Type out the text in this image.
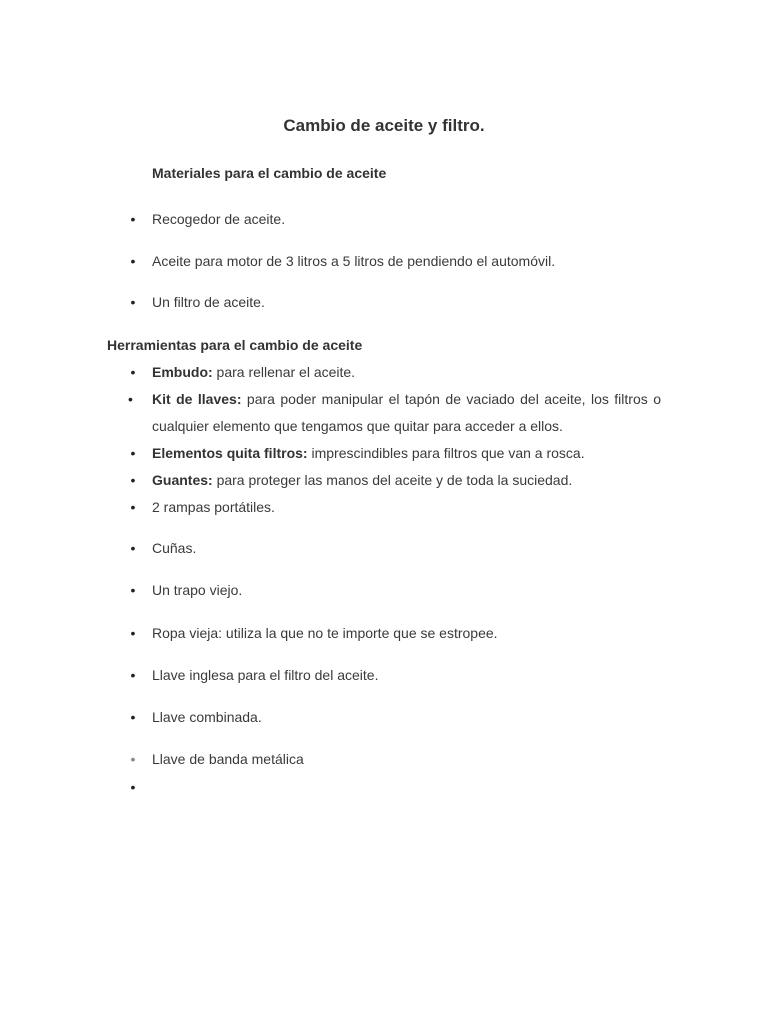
Cambio de aceite y filtro.
Materiales para el cambio de aceite
• Recogedor de aceite.
• Aceite para motor de 3 litros a 5 litros de pendiendo el automóvil.
• Un filtro de aceite.
Herramientas para el cambio de aceite
• Embudo: para rellenar el aceite.
•	Kit de llaves: para poder manipular el tapón de vaciado del aceite, los filtros o cualquier elemento que tengamos que quitar para acceder a ellos.
• Elementos quita filtros: imprescindibles para filtros que van a rosca.
• Guantes: para proteger las manos del aceite y de toda la suciedad.
• 2 rampas portátiles.
• Cuñas.
• Un trapo viejo.
• Ropa vieja: utiliza la que no te importe que se estropee.
• Llave inglesa para el filtro del aceite.
• Llave combinada.
• Llave de banda metálica
•
